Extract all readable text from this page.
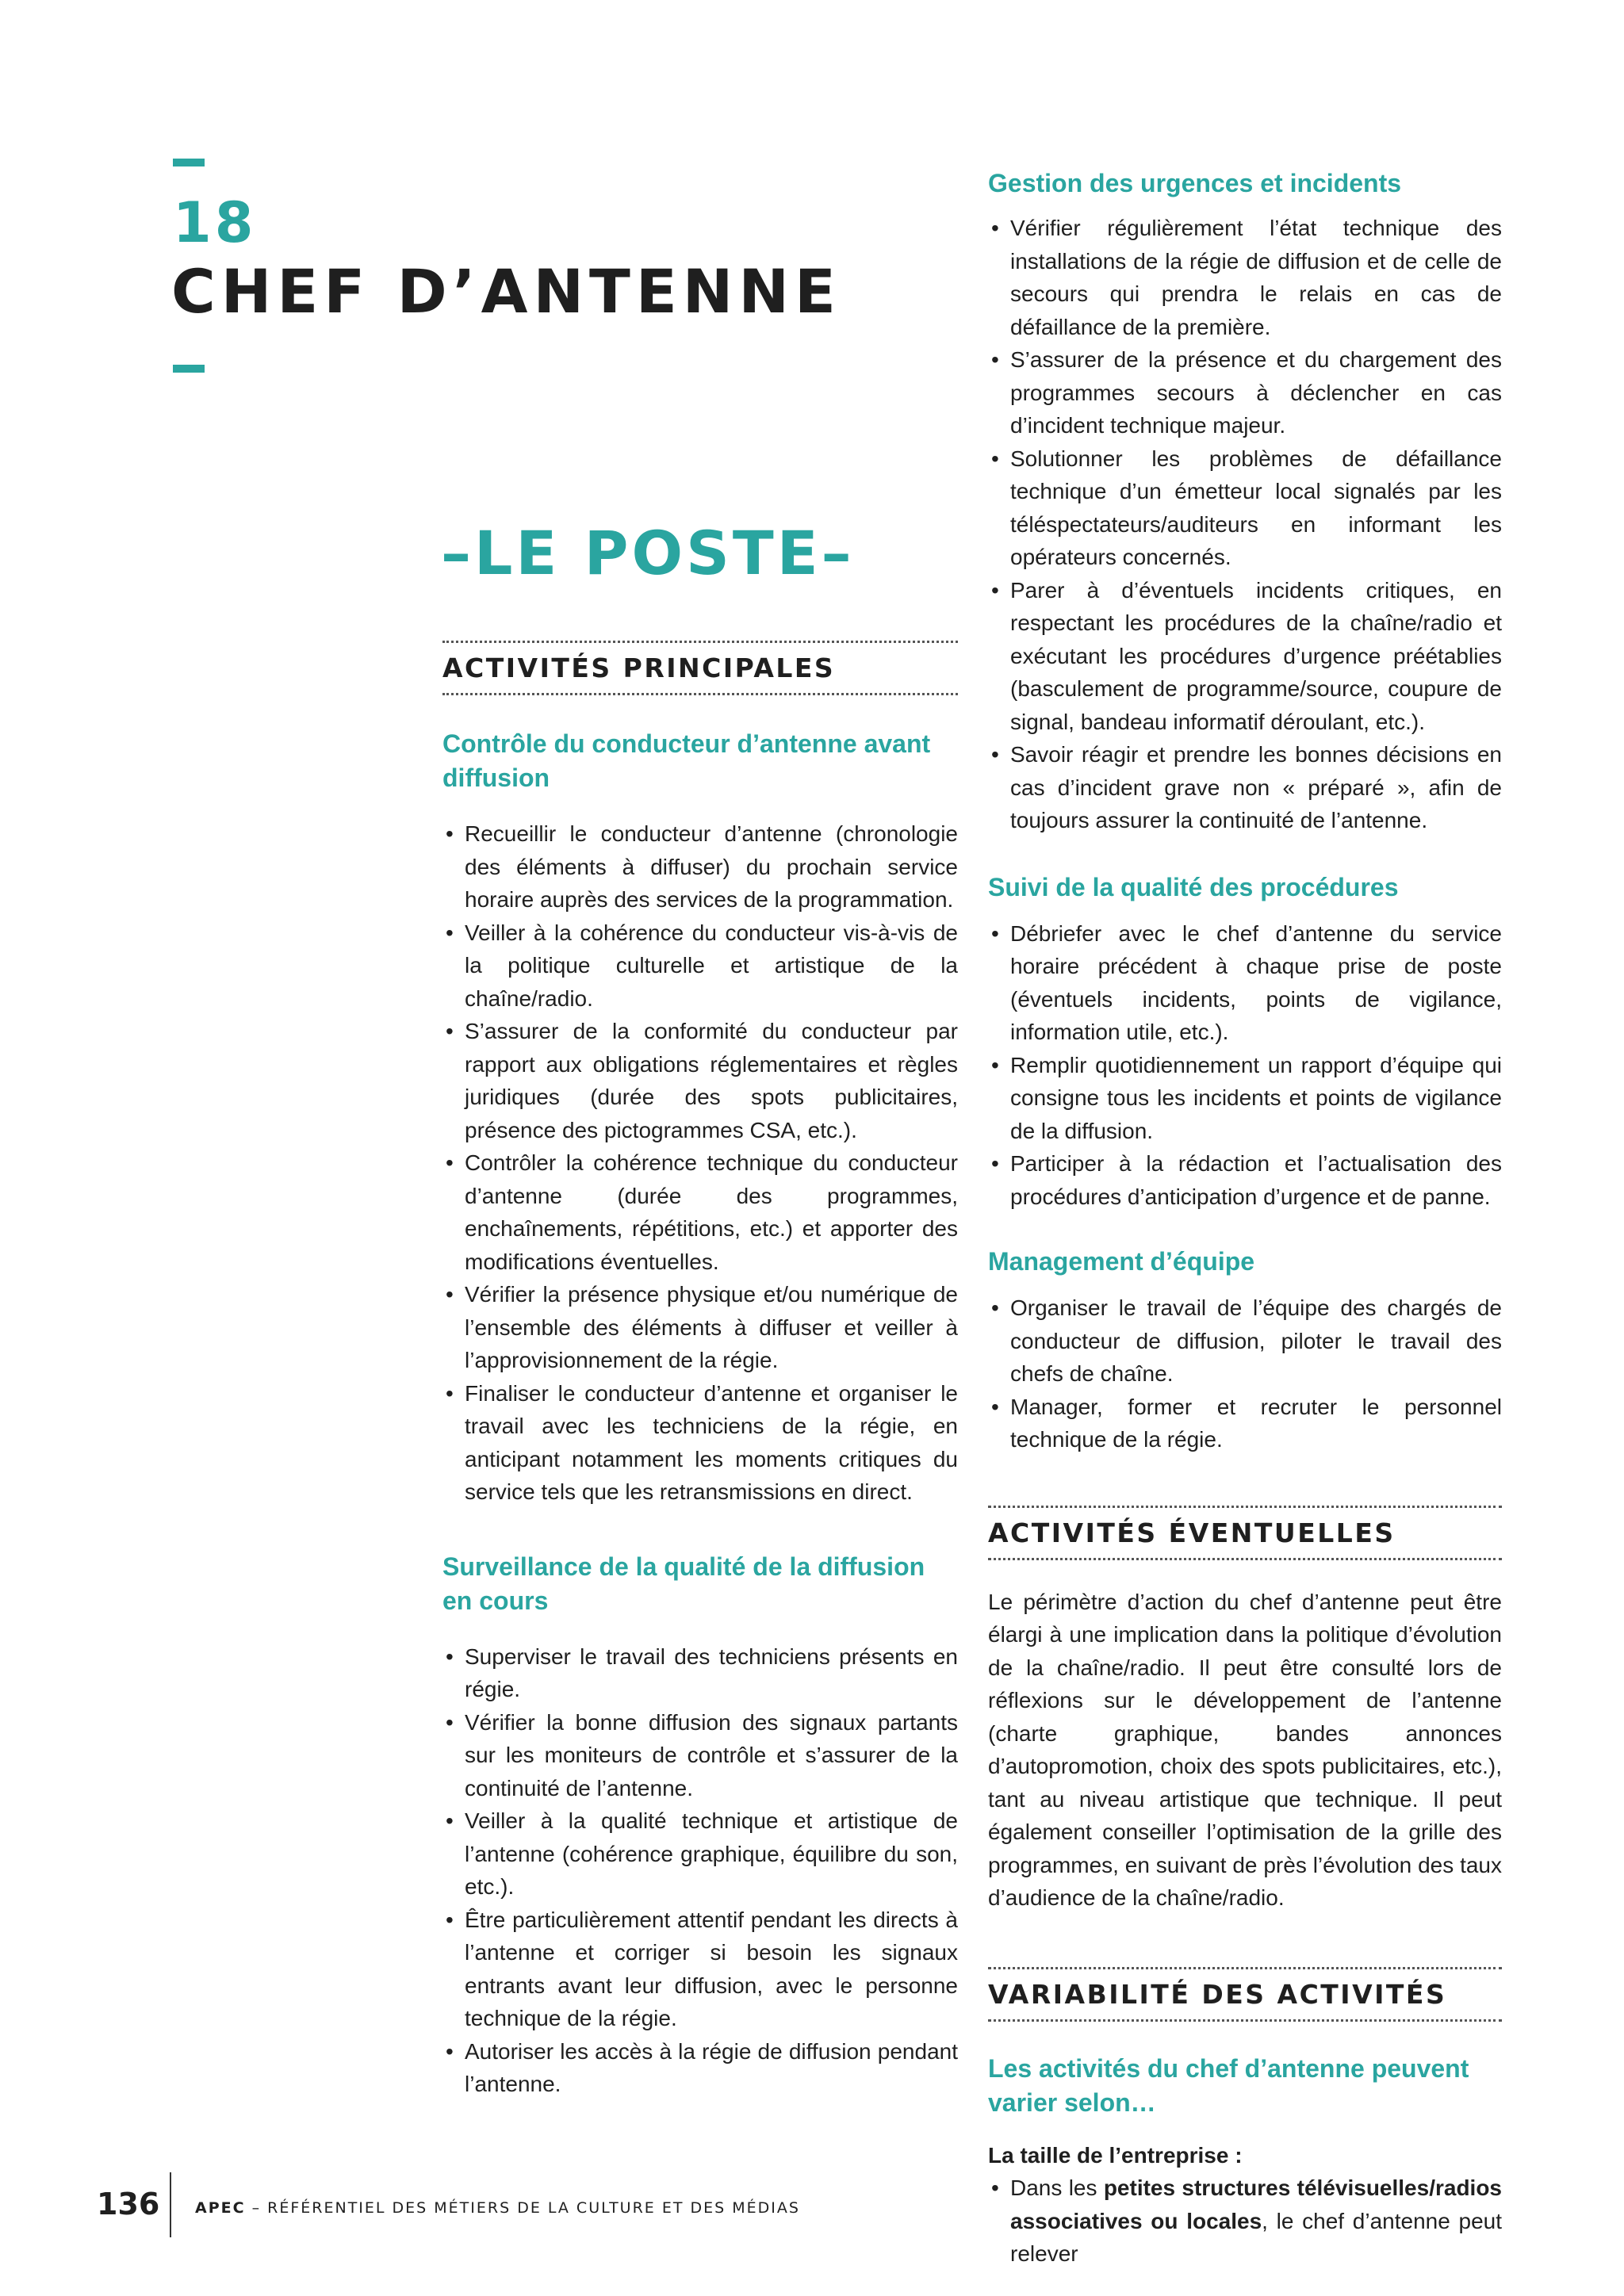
18
CHEF D’ANTENNE
–LE POSTE–
ACTIVITÉS PRINCIPALES
Contrôle du conducteur d’antenne avant diffusion
• Recueillir le conducteur d’antenne (chronologie des éléments à diffuser) du prochain service horaire auprès des services de la programmation.
• Veiller à la cohérence du conducteur vis-à-vis de la politique culturelle et artistique de la chaîne/radio.
• S’assurer de la conformité du conducteur par rapport aux obligations réglementaires et règles juridiques (durée des spots publicitaires, présence des pictogrammes CSA, etc.).
• Contrôler la cohérence technique du conducteur d’antenne (durée des programmes, enchaînements, répétitions, etc.) et apporter des modifications éventuelles.
• Vérifier la présence physique et/ou numérique de l’ensemble des éléments à diffuser et veiller à l’approvisionnement de la régie.
• Finaliser le conducteur d’antenne et organiser le travail avec les techniciens de la régie, en anticipant notamment les moments critiques du service tels que les retransmissions en direct.
Surveillance de la qualité de la diffusion en cours
• Superviser le travail des techniciens présents en régie.
• Vérifier la bonne diffusion des signaux partants sur les moniteurs de contrôle et s’assurer de la continuité de l’antenne.
• Veiller à la qualité technique et artistique de l’antenne (cohérence graphique, équilibre du son, etc.).
• Être particulièrement attentif pendant les directs à l’antenne et corriger si besoin les signaux entrants avant leur diffusion, avec le personne technique de la régie.
• Autoriser les accès à la régie de diffusion pendant l’antenne.
Gestion des urgences et incidents
• Vérifier régulièrement l’état technique des installations de la régie de diffusion et de celle de secours qui prendra le relais en cas de défaillance de la première.
• S’assurer de la présence et du chargement des programmes secours à déclencher en cas d’incident technique majeur.
• Solutionner les problèmes de défaillance technique d’un émetteur local signalés par les téléspectateurs/auditeurs en informant les opérateurs concernés.
• Parer à d’éventuels incidents critiques, en respectant les procédures de la chaîne/radio et exécutant les procédures d’urgence préétablies (basculement de programme/source, coupure de signal, bandeau informatif déroulant, etc.).
• Savoir réagir et prendre les bonnes décisions en cas d’incident grave non « préparé », afin de toujours assurer la continuité de l’antenne.
Suivi de la qualité des procédures
• Débriefer avec le chef d’antenne du service horaire précédent à chaque prise de poste (éventuels incidents, points de vigilance, information utile, etc.).
• Remplir quotidiennement un rapport d’équipe qui consigne tous les incidents et points de vigilance de la diffusion.
• Participer à la rédaction et l’actualisation des procédures d’anticipation d’urgence et de panne.
Management d’équipe
• Organiser le travail de l’équipe des chargés de conducteur de diffusion, piloter le travail des chefs de chaîne.
• Manager, former et recruter le personnel technique de la régie.
ACTIVITÉS ÉVENTUELLES

Le périmètre d’action du chef d’antenne peut être élargi à une implication dans la politique d’évolution de la chaîne/radio. Il peut être consulté lors de réflexions sur le développement de l’antenne (charte graphique, bandes annonces d’autopromotion, choix des spots publicitaires, etc.), tant au niveau artistique que technique. Il peut également conseiller l’optimisation de la grille des programmes, en suivant de près l’évolution des taux d’audience de la chaîne/radio.

VARIABILITÉ DES ACTIVITÉS
Les activités du chef d’antenne peuvent varier selon…

La taille de l’entreprise :

• Dans les petites structures télévisuelles/radios associatives ou locales, le chef d’antenne peut relever
136 APEC – RÉFÉRENTIEL DES MÉTIERS DE LA CULTURE ET DES MÉDIAS
